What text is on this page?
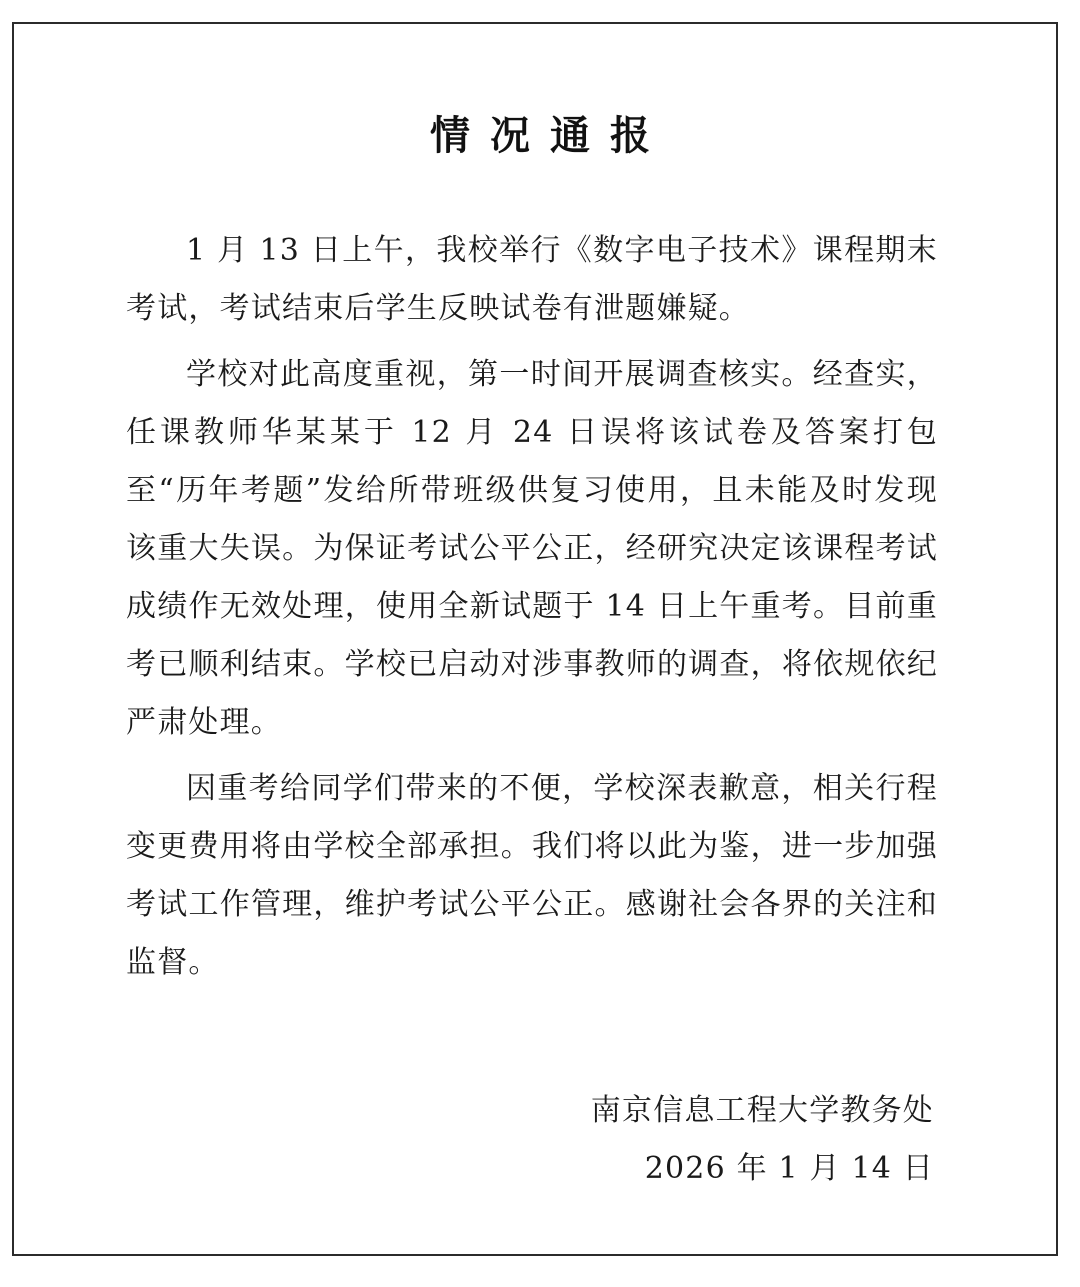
情况通报

1 月 13 日上午，我校举行《数字电子技术》课程期末考试，考试结束后学生反映试卷有泄题嫌疑。

学校对此高度重视，第一时间开展调查核实。经查实，任课教师华某某于 12 月 24 日误将该试卷及答案打包至“历年考题”发给所带班级供复习使用，且未能及时发现该重大失误。为保证考试公平公正，经研究决定该课程考试成绩作无效处理，使用全新试题于 14 日上午重考。目前重考已顺利结束。学校已启动对涉事教师的调查，将依规依纪严肃处理。

因重考给同学们带来的不便，学校深表歉意，相关行程变更费用将由学校全部承担。我们将以此为鉴，进一步加强考试工作管理，维护考试公平公正。感谢社会各界的关注和监督。

南京信息工程大学教务处
2026 年 1 月 14 日
